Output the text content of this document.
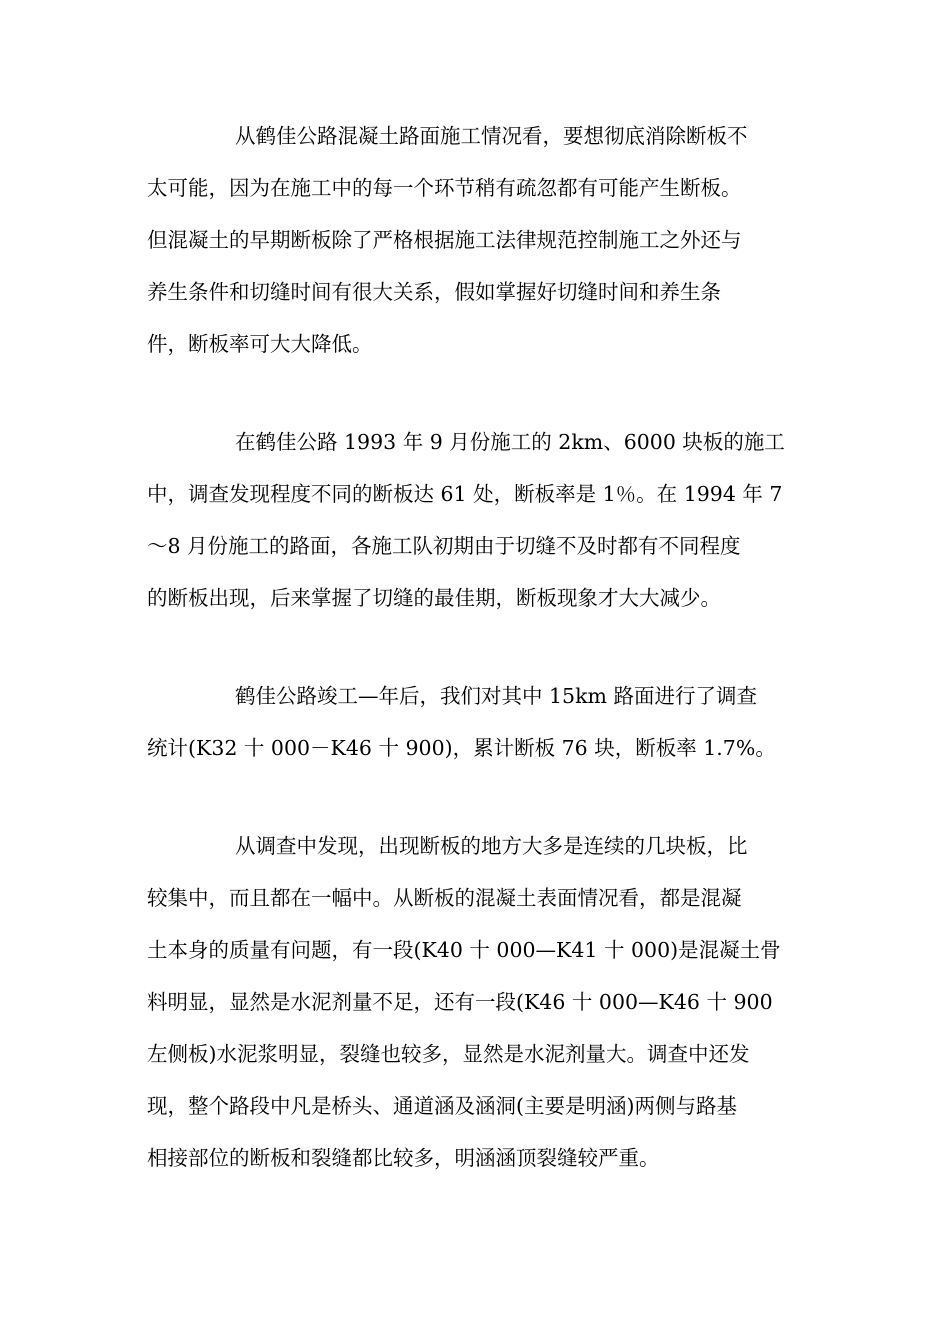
从鹤佳公路混凝土路面施工情况看，要想彻底消除断板不
太可能，因为在施工中的每一个环节稍有疏忽都有可能产生断板。
但混凝土的早期断板除了严格根据施工法律规范控制施工之外还与
养生条件和切缝时间有很大关系，假如掌握好切缝时间和养生条
件，断板率可大大降低。
在鹤佳公路 1993 年 9 月份施工的 2km、6000 块板的施工
中，调查发现程度不同的断板达 61 处，断板率是 1％。在 1994 年 7
～8 月份施工的路面，各施工队初期由于切缝不及时都有不同程度
的断板出现，后来掌握了切缝的最佳期，断板现象才大大减少。
鹤佳公路竣工—年后，我们对其中 15km 路面进行了调查
统计(K32 十 000－K46 十 900)，累计断板 76 块，断板率 1.7%。
从调查中发现，出现断板的地方大多是连续的几块板，比
较集中，而且都在一幅中。从断板的混凝土表面情况看，都是混凝
土本身的质量有问题，有一段(K40 十 000—K41 十 000)是混凝土骨
料明显，显然是水泥剂量不足，还有一段(K46 十 000—K46 十 900
左侧板)水泥浆明显，裂缝也较多，显然是水泥剂量大。调查中还发
现，整个路段中凡是桥头、通道涵及涵洞(主要是明涵)两侧与路基
相接部位的断板和裂缝都比较多，明涵涵顶裂缝较严重。
